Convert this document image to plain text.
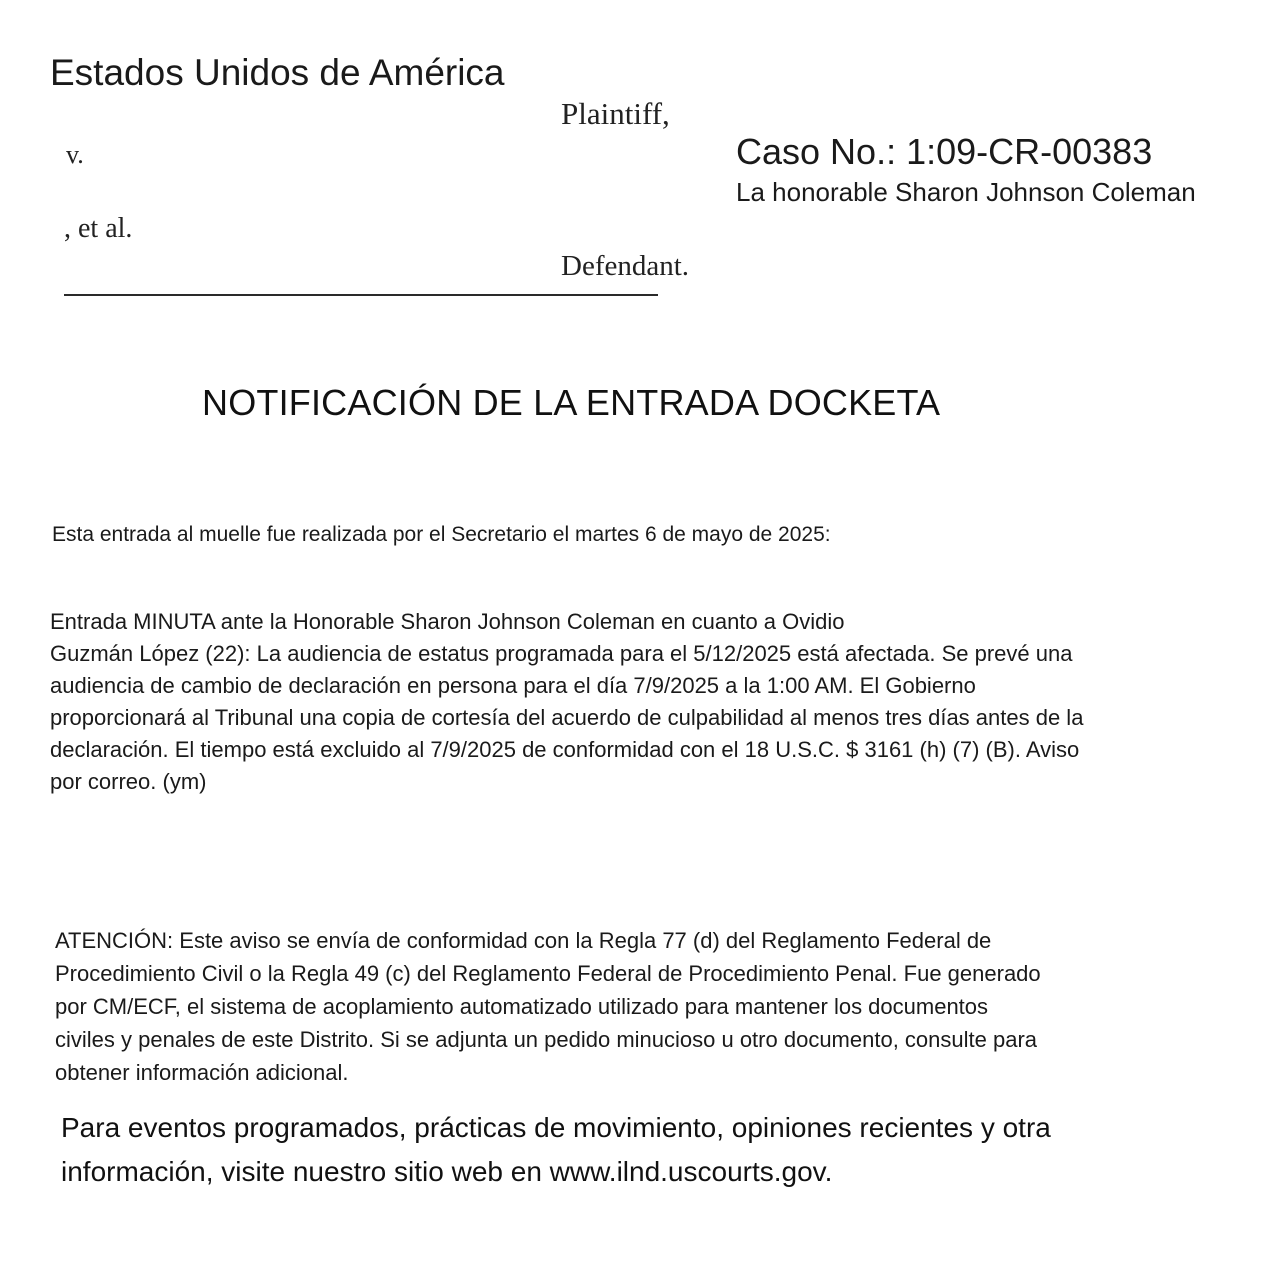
Estados Unidos de América
Plaintiff,
v.
, et al.
Defendant.
Caso No.: 1:09-CR-00383
La honorable Sharon Johnson Coleman
NOTIFICACIÓN DE LA ENTRADA DOCKETA
Esta entrada al muelle fue realizada por el Secretario el martes 6 de mayo de 2025:
Entrada MINUTA ante la Honorable Sharon Johnson Coleman en cuanto a Ovidio
Guzmán López (22): La audiencia de estatus programada para el 5/12/2025 está afectada. Se prevé una
audiencia de cambio de declaración en persona para el día 7/9/2025 a la 1:00 AM. El Gobierno
proporcionará al Tribunal una copia de cortesía del acuerdo de culpabilidad al menos tres días antes de la
declaración. El tiempo está excluido al 7/9/2025 de conformidad con el 18 U.S.C. $ 3161 (h) (7) (B). Aviso
por correo. (ym)
ATENCIÓN: Este aviso se envía de conformidad con la Regla 77 (d) del Reglamento Federal de
Procedimiento Civil o la Regla 49 (c) del Reglamento Federal de Procedimiento Penal. Fue generado
por CM/ECF, el sistema de acoplamiento automatizado utilizado para mantener los documentos
civiles y penales de este Distrito. Si se adjunta un pedido minucioso u otro documento, consulte para
obtener información adicional.
Para eventos programados, prácticas de movimiento, opiniones recientes y otra
información, visite nuestro sitio web en www.ilnd.uscourts.gov.
